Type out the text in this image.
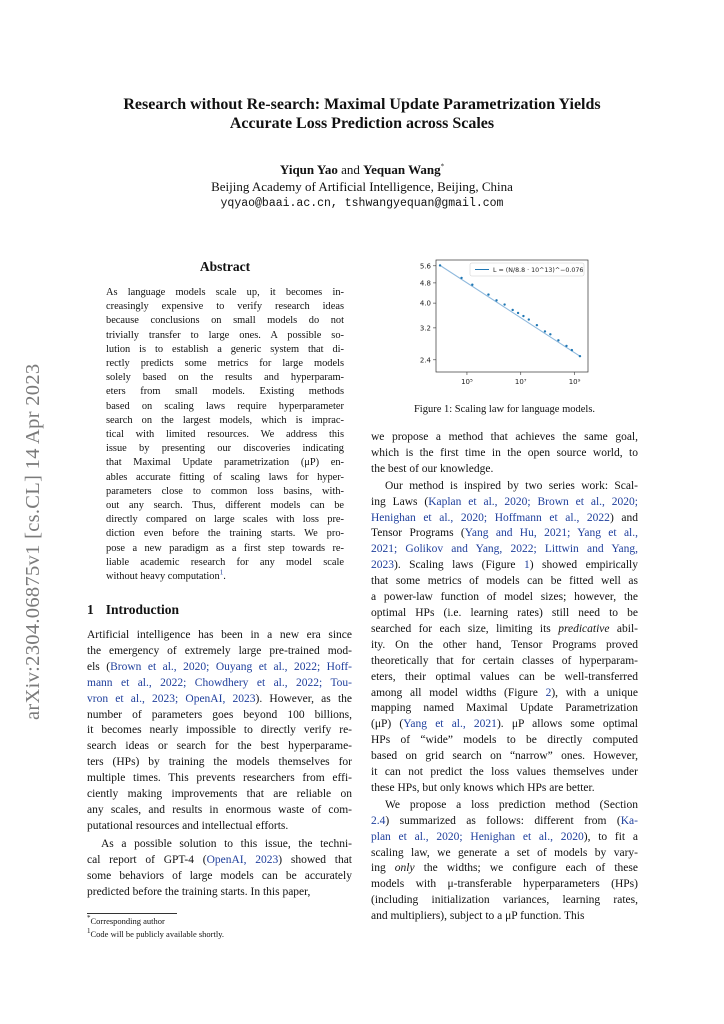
arXiv:2304.06875v1 [cs.CL] 14 Apr 2023
Research without Re-search: Maximal Update Parametrization Yields
Accurate Loss Prediction across Scales
Yiqun Yao and Yequan Wang*
Beijing Academy of Artificial Intelligence, Beijing, China
yqyao@baai.ac.cn, tshwangyequan@gmail.com
Abstract
As language models scale up, it becomes in-
creasingly expensive to verify research ideas
because conclusions on small models do not
trivially transfer to large ones. A possible so-
lution is to establish a generic system that di-
rectly predicts some metrics for large models
solely based on the results and hyperparam-
eters from small models. Existing methods
based on scaling laws require hyperparameter
search on the largest models, which is imprac-
tical with limited resources. We address this
issue by presenting our discoveries indicating
that Maximal Update parametrization (μP) en-
ables accurate fitting of scaling laws for hyper-
parameters close to common loss basins, with-
out any search. Thus, different models can be
directly compared on large scales with loss pre-
diction even before the training starts. We pro-
pose a new paradigm as a first step towards re-
liable academic research for any model scale
without heavy computation$^1$.
1 Introduction
Artificial intelligence has been in a new era since
the emergency of extremely large pre-trained mod-
els (Brown et al., 2020; Ouyang et al., 2022; Hoff-
mann et al., 2022; Chowdhery et al., 2022; Tou-
vron et al., 2023; OpenAI, 2023). However, as the
number of parameters goes beyond 100 billions,
it becomes nearly impossible to directly verify re-
search ideas or search for the best hyperparame-
ters (HPs) by training the models themselves for
multiple times. This prevents researchers from effi-
ciently making improvements that are reliable on
any scales, and results in enormous waste of com-
putational resources and intellectual efforts.
As a possible solution to this issue, the techni-
cal report of GPT-4 (OpenAI, 2023) showed that
some behaviors of large models can be accurately
predicted before the training starts. In this paper,
*Corresponding author
$^1$Code will be publicly available shortly.
2.4
3.2
4.0
4.8
5.6
10⁵	10⁷	10⁹
L = (N/8.8 · 10^13)^−0.076
Figure 1: Scaling law for language models.
we propose a method that achieves the same goal,
which is the first time in the open source world, to
the best of our knowledge.
Our method is inspired by two series work: Scal-
ing Laws (Kaplan et al., 2020; Brown et al., 2020;
Henighan et al., 2020; Hoffmann et al., 2022) and
Tensor Programs (Yang and Hu, 2021; Yang et al.,
2021; Golikov and Yang, 2022; Littwin and Yang,
2023). Scaling laws (Figure 1) showed empirically
that some metrics of models can be fitted well as
a power-law function of model sizes; however, the
optimal HPs (i.e. learning rates) still need to be
searched for each size, limiting its predicative abil-
ity. On the other hand, Tensor Programs proved
theoretically that for certain classes of hyperparam-
eters, their optimal values can be well-transferred
among all model widths (Figure 2), with a unique
mapping named Maximal Update Parametrization
(μP) (Yang et al., 2021). μP allows some optimal
HPs of “wide” models to be directly computed
based on grid search on “narrow” ones. However,
it can not predict the loss values themselves under
these HPs, but only knows which HPs are better.
We propose a loss prediction method (Section
2.4) summarized as follows: different from (Ka-
plan et al., 2020; Henighan et al., 2020), to fit a
scaling law, we generate a set of models by vary-
ing only the widths; we configure each of these
models with μ-transferable hyperparameters (HPs)
(including initialization variances, learning rates,
and multipliers), subject to a μP function. This
